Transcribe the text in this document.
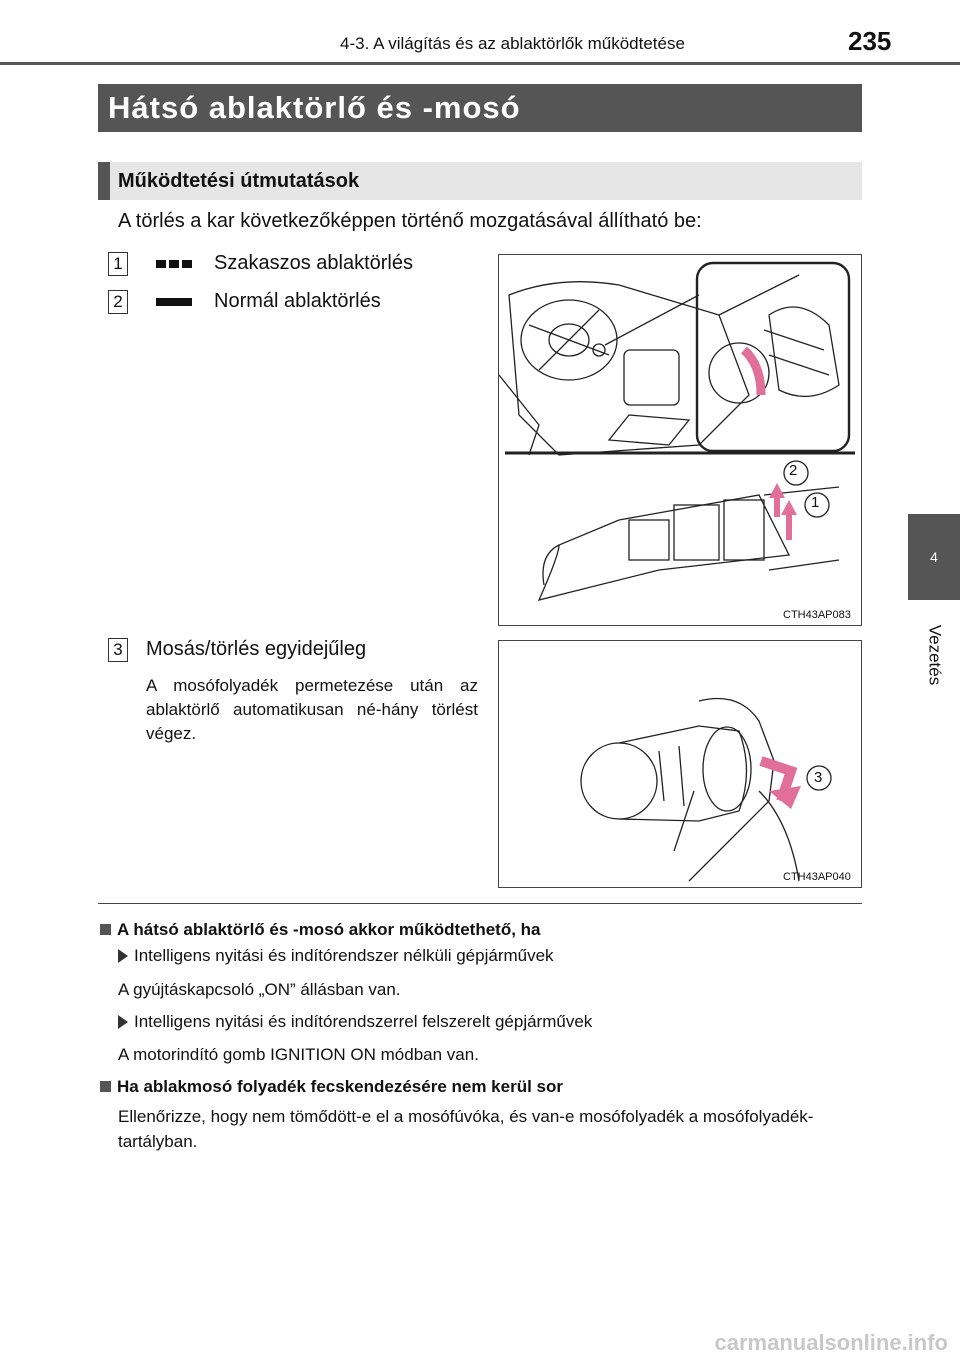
4-3. A világítás és az ablaktörlők működtetése	235
4
Vezetés
Hátsó ablaktörlő és -mosó
Működtetési útmutatások
A törlés a kar következőképpen történő mozgatásával állítható be:
1	Szakaszos ablaktörlés
2	Normál ablaktörlés
2
1
CTH43AP083
3 Mosás/törlés egyidejűleg
A mosófolyadék permetezése után az ablaktörlő automatikusan né-hány törlést végez.
3
CTH43AP040
A hátsó ablaktörlő és -mosó akkor működtethető, ha
Intelligens nyitási és indítórendszer nélküli gépjárművek
A gyújtáskapcsoló „ON” állásban van.
Intelligens nyitási és indítórendszerrel felszerelt gépjárművek
A motorindító gomb IGNITION ON módban van.
Ha ablakmosó folyadék fecskendezésére nem kerül sor
Ellenőrizze, hogy nem tömődött-e el a mosófúvóka, és van-e mosófolyadék a mosófolyadék-tartályban.
carmanualsonline.info
